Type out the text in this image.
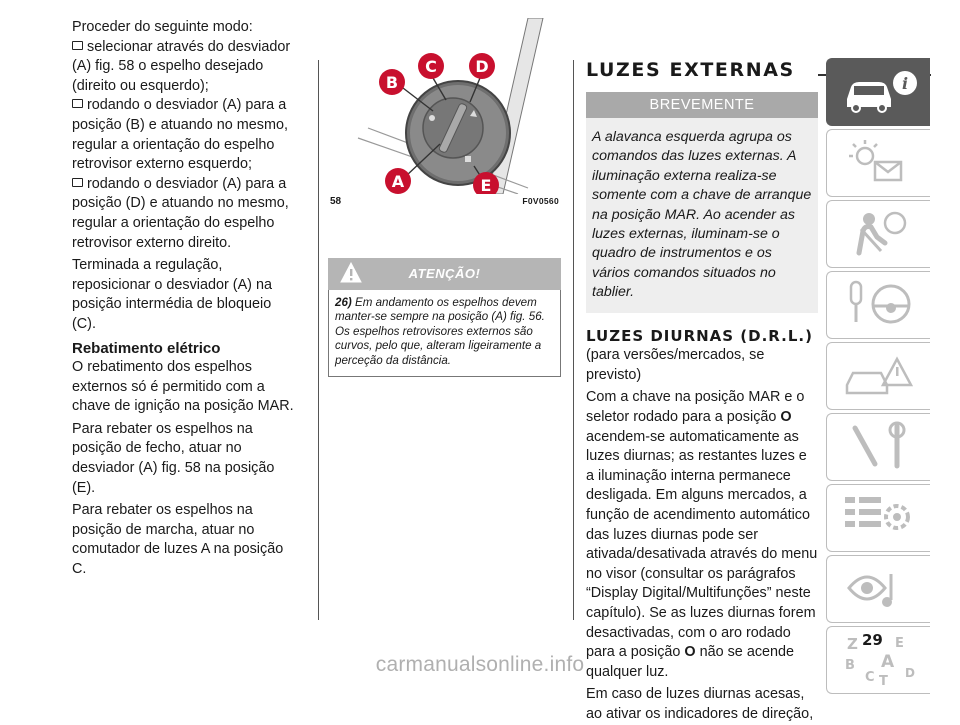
Proceder do seguinte modo:

selecionar através do desviador (A) fig. 58 o espelho desejado (direito ou esquerdo);

rodando o desviador (A) para a posição (B) e atuando no mesmo, regular a orientação do espelho retrovisor externo esquerdo;

rodando o desviador (A) para a posição (D) e atuando no mesmo, regular a orientação do espelho retrovisor externo direito.

Terminada a regulação, reposicionar o desviador (A) na posição intermédia de bloqueio (C).

Rebatimento elétrico

O rebatimento dos espelhos externos só é permitido com a chave de ignição na posição MAR.

Para rebater os espelhos na posição de fecho, atuar no desviador (A) fig. 58 na posição (E).

Para rebater os espelhos na posição de marcha, atuar no comutador de luzes A na posição C.

B
C D
A	E
58	F0V0560
ATENÇÃO!
26) Em andamento os espelhos devem manter-se sempre na posição (A) fig. 56. Os espelhos retrovisores externos são curvos, pelo que, alteram ligeiramente a perceção da distância.
LUZES EXTERNAS
BREVEMENTE
A alavanca esquerda agrupa os comandos das luzes externas. A iluminação externa realiza-se somente com a chave de arranque na posição MAR. Ao acender as luzes externas, iluminam-se o quadro de instrumentos e os vários comandos situados no tablier.
LUZES DIURNAS (D.R.L.)

(para versões/mercados, se previsto)

Com a chave na posição MAR e o seletor rodado para a posição O acendem-se automaticamente as luzes diurnas; as restantes luzes e a iluminação interna permanece desligada. Em alguns mercados, a função de acendimento automático das luzes diurnas pode ser ativada/desativada através do menu no visor (consultar os parágrafos “Display Digital/Multifunções” neste capítulo). Se as luzes diurnas forem desactivadas, com o aro rodado para a posição O não se acende qualquer luz.

Em caso de luzes diurnas acesas, ao ativar os indicadores de direção,

i
Z	E
B A
C T
D
29
carmanualsonline.info
